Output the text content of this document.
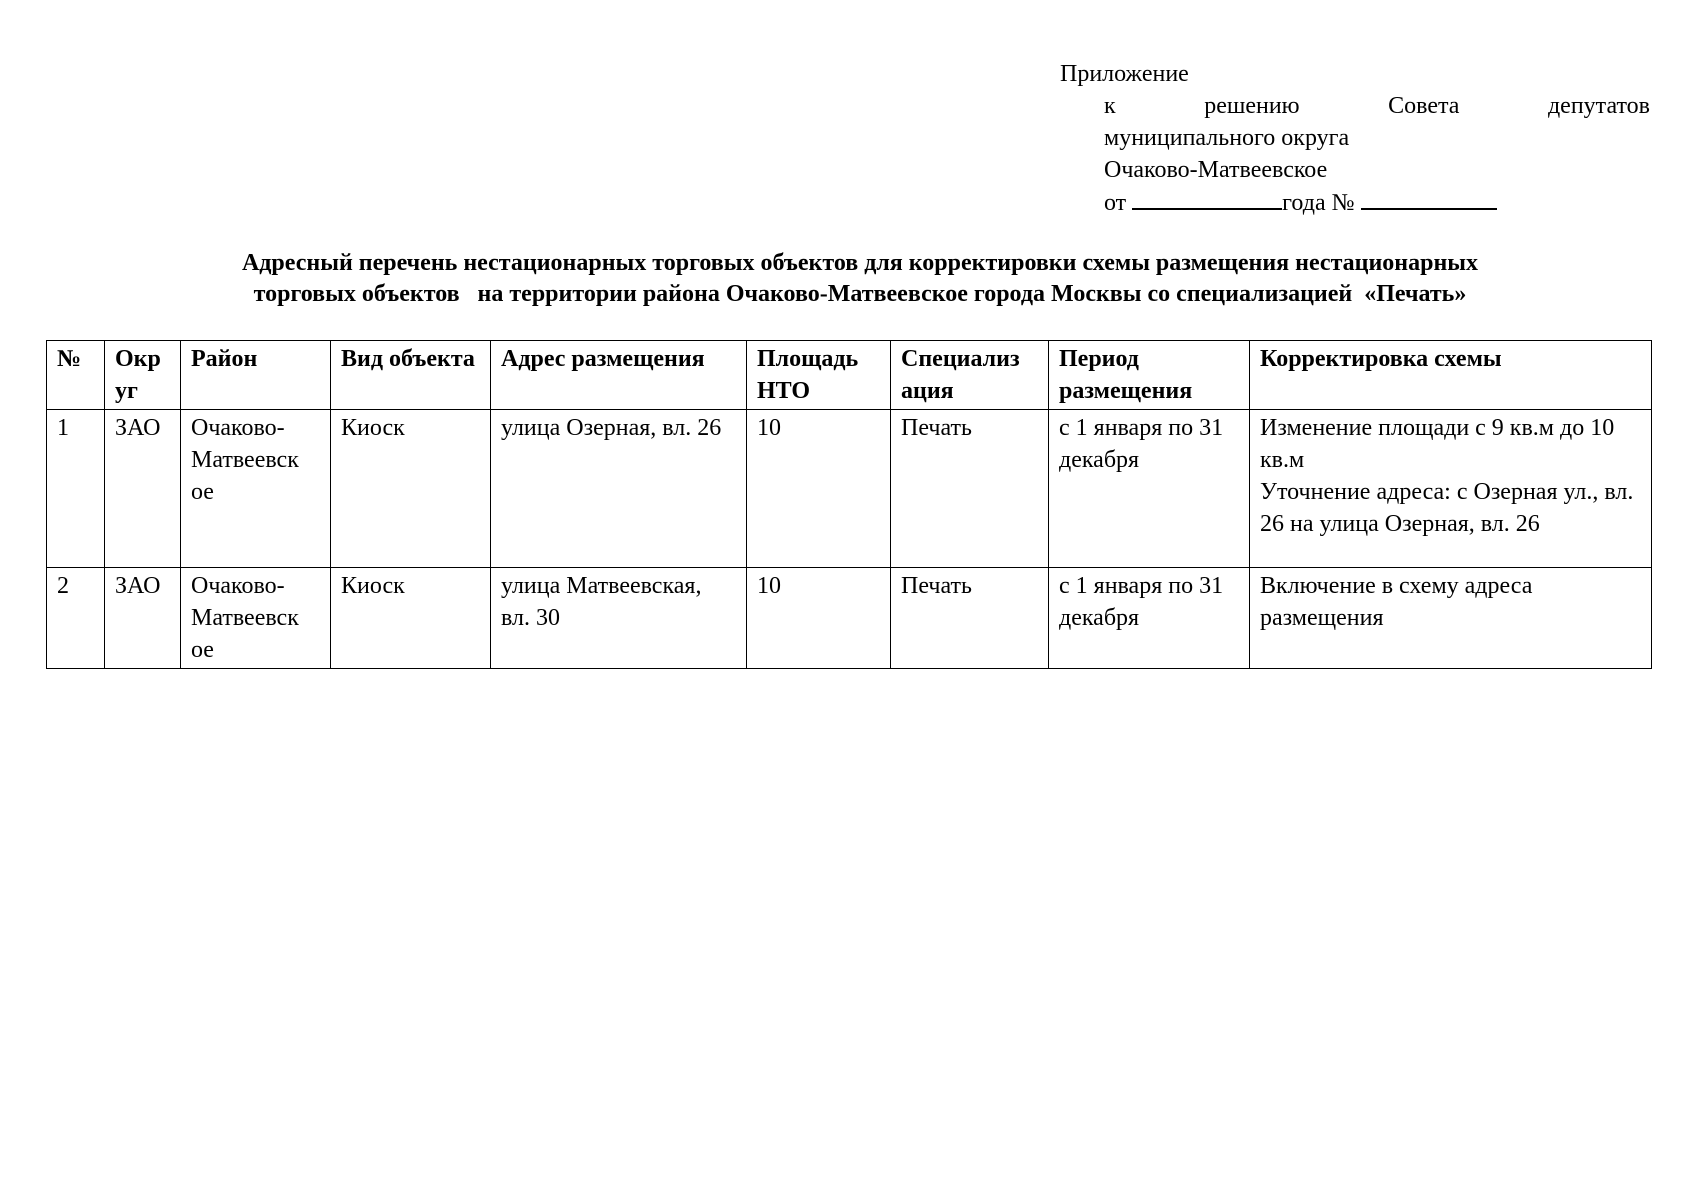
Приложение
к решению Совета депутатов
муниципального округа
Очаково-Матвеевское
от	года №
Адресный перечень нестационарных торговых объектов для корректировки схемы размещения нестационарных
торговых объектов   на территории района Очаково-Матвеевское города Москвы со специализацией  «Печать»
№	Окр уг	Район	Вид объекта	Адрес размещения	Площадь НТО	Специализ ация	Период размещения	Корректировка схемы
1	ЗАО	Очаково-Матвеевск ое	Киоск	улица Озерная, вл. 26	10	Печать	с 1 января по 31 декабря	Изменение площади с 9 кв.м до 10  кв.м
Уточнение адреса: с Озерная ул., вл. 26 на улица Озерная, вл. 26

2	ЗАО	Очаково-Матвеевск ое	Киоск	улица Матвеевская, вл. 30	10	Печать	с 1 января по 31 декабря	Включение в схему адреса размещения
